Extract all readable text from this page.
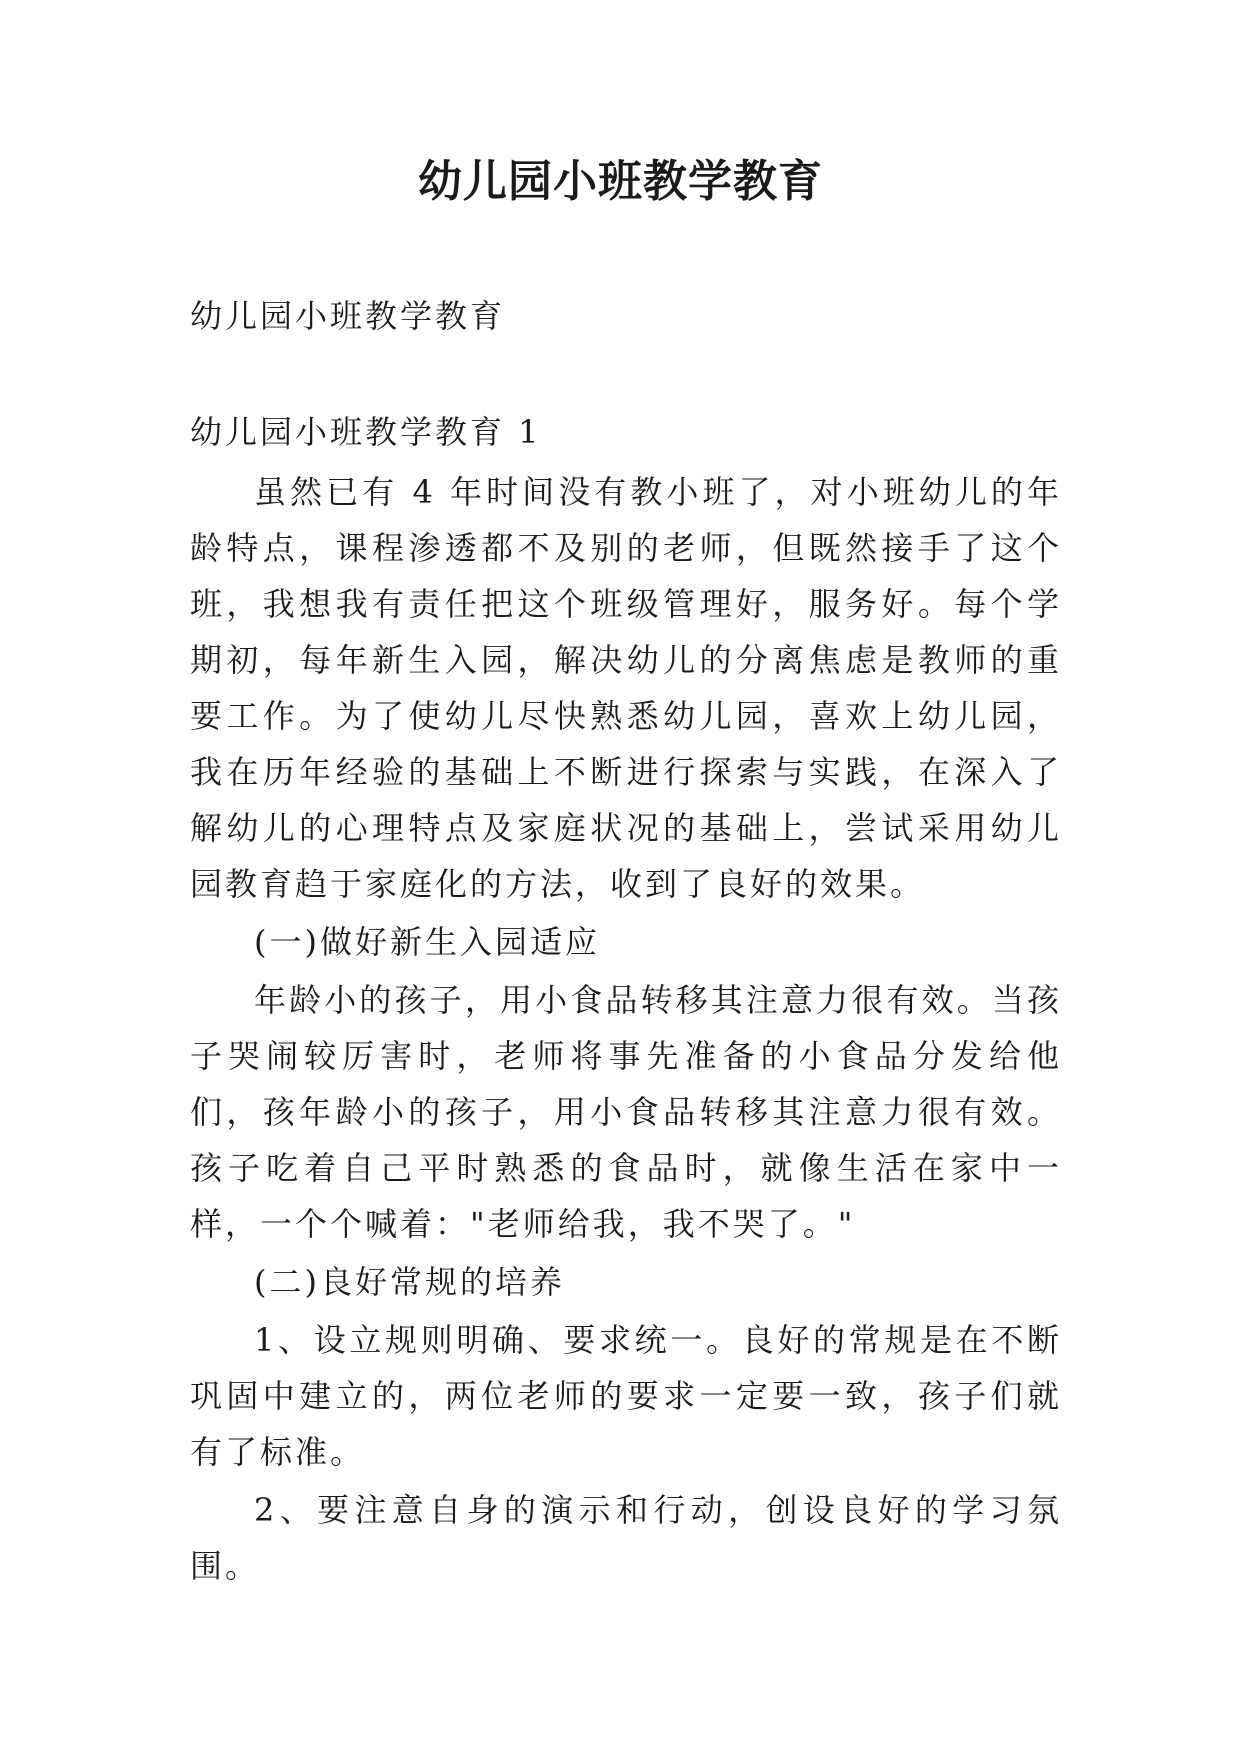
幼儿园小班教学教育
幼儿园小班教学教育
幼儿园小班教学教育 1

虽然已有 4 年时间没有教小班了，对小班幼儿的年龄特点，课程渗透都不及别的老师，但既然接手了这个班，我想我有责任把这个班级管理好，服务好。每个学期初，每年新生入园，解决幼儿的分离焦虑是教师的重要工作。为了使幼儿尽快熟悉幼儿园，喜欢上幼儿园，我在历年经验的基础上不断进行探索与实践，在深入了解幼儿的心理特点及家庭状况的基础上，尝试采用幼儿园教育趋于家庭化的方法，收到了良好的效果。

(一)做好新生入园适应

年龄小的孩子，用小食品转移其注意力很有效。当孩子哭闹较厉害时，老师将事先准备的小食品分发给他们，孩年龄小的孩子，用小食品转移其注意力很有效。孩子吃着自己平时熟悉的食品时，就像生活在家中一样，一个个喊着："老师给我，我不哭了。"

(二)良好常规的培养

1、设立规则明确、要求统一。良好的常规是在不断巩固中建立的，两位老师的要求一定要一致，孩子们就有了标准。

2、要注意自身的演示和行动，创设良好的学习氛围。
